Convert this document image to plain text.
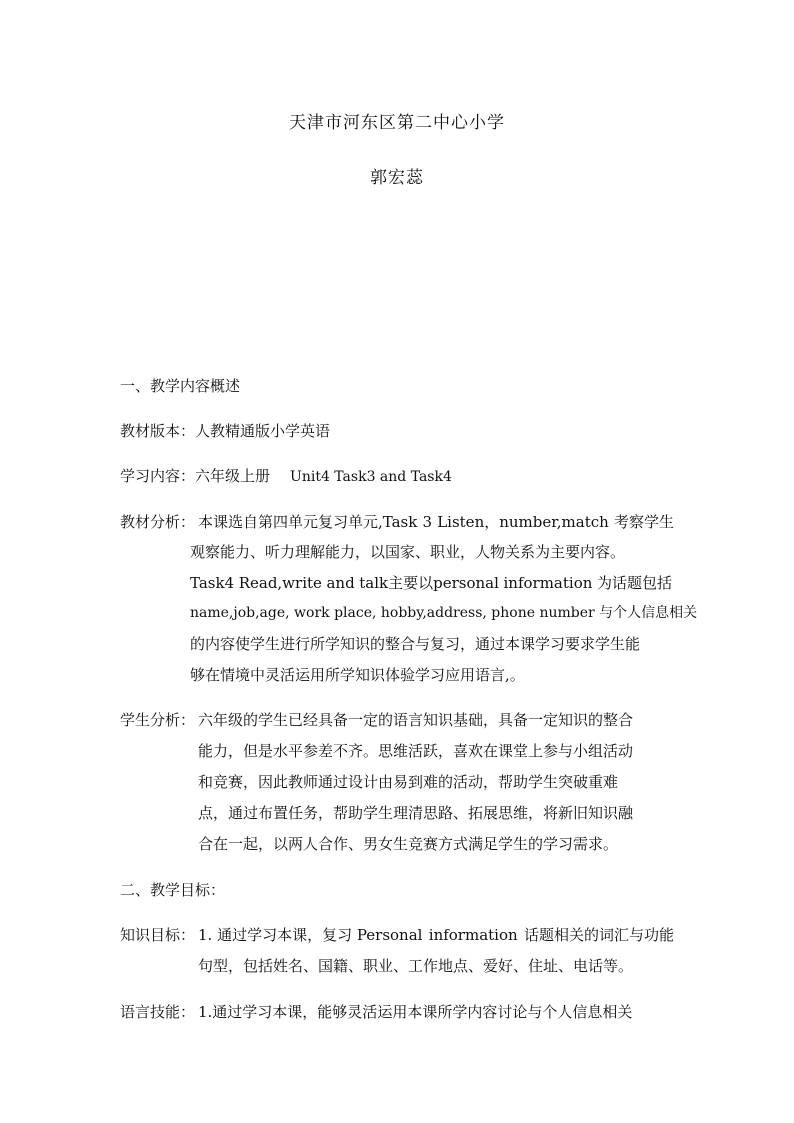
天津市河东区第二中心小学
郭宏蕊
一、教学内容概述
教材版本：人教精通版小学英语
学习内容：六年级上册 Unit4 Task3 and Task4
教材分析： 本课选自第四单元复习单元,Task 3 Listen，number,match 考察学生
观察能力、听力理解能力，以国家、职业，人物关系为主要内容。
Task4 Read,write and talk主要以personal information 为话题包括
name,job,age, work place, hobby,address, phone number 与个人信息相关
的内容使学生进行所学知识的整合与复习，通过本课学习要求学生能
够在情境中灵活运用所学知识体验学习应用语言,。
学生分析： 六年级的学生已经具备一定的语言知识基础，具备一定知识的整合
能力，但是水平参差不齐。思维活跃，喜欢在课堂上参与小组活动
和竞赛，因此教师通过设计由易到难的活动，帮助学生突破重难
点，通过布置任务，帮助学生理清思路、拓展思维，将新旧知识融
合在一起，以两人合作、男女生竞赛方式满足学生的学习需求。
二、教学目标：
知识目标： 1. 通过学习本课，复习 Personal information 话题相关的词汇与功能
句型，包括姓名、国籍、职业、工作地点、爱好、住址、电话等。
语言技能： 1.通过学习本课，能够灵活运用本课所学内容讨论与个人信息相关
